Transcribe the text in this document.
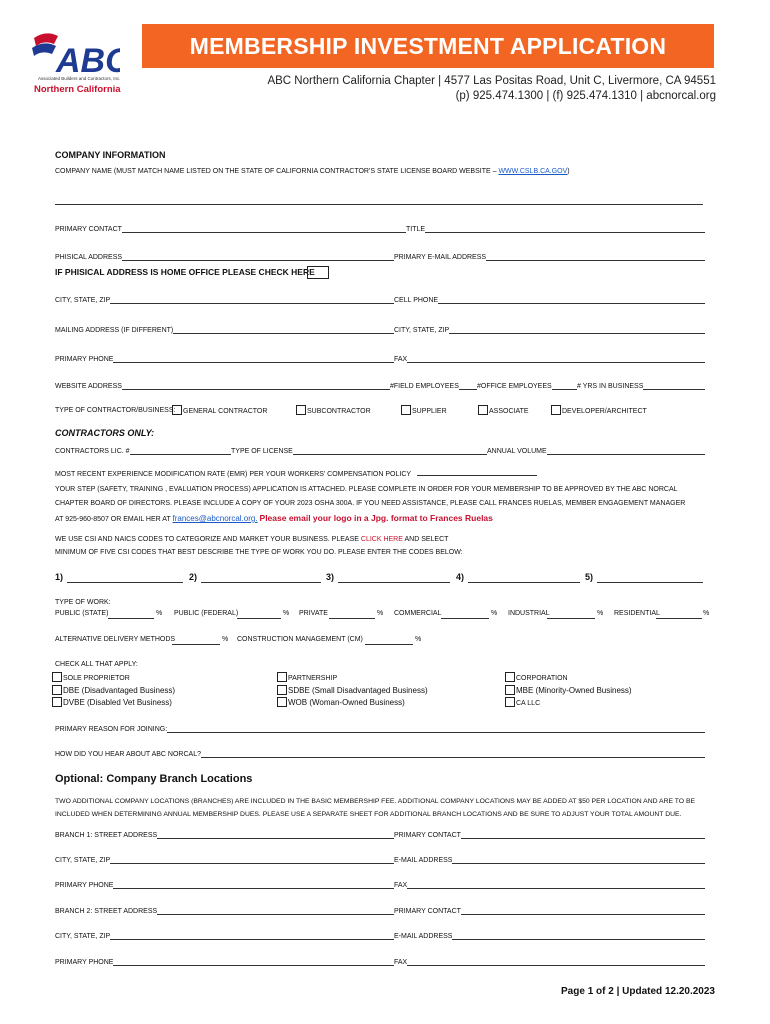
AB
Associated Builders and Contractors, Inc.
Northern California
MEMBERSHIP INVESTMENT APPLICATION
ABC Northern California Chapter | 4577 Las Positas Road, Unit C, Livermore, CA 94551
(p) 925.474.1300 | (f) 925.474.1310 | abcnorcal.org
COMPANY INFORMATION
COMPANY NAME (MUST MATCH NAME LISTED ON THE STATE OF CALIFORNIA CONTRACTOR'S STATE LICENSE BOARD WEBSITE – WWW.CSLB.CA.GOV)
PRIMARY CONTACT	TITLE
PHISICAL ADDRESS	PRIMARY E-MAIL ADDRESS
IF PHISICAL ADDRESS IS HOME OFFICE PLEASE CHECK HERE
CITY, STATE, ZIP	CELL PHONE
MAILING ADDRESS (IF DIFFERENT)	CITY, STATE, ZIP
PRIMARY PHONE	FAX
WEBSITE ADDRESS	#FIELD EMPLOYEES	#OFFICE EMPLOYEES	# YRS IN BUSINESS
TYPE OF CONTRACTOR/BUSINESS:	GENERAL CONTRACTOR	SUBCONTRACTOR	SUPPLIER	ASSOCIATE	DEVELOPER/ARCHITECT
CONTRACTORS ONLY:
CONTRACTORS LIC. #	TYPE OF LICENSE	ANNUAL VOLUME
MOST RECENT EXPERIENCE MODIFICATION RATE (EMR) PER YOUR WORKERS' COMPENSATION POLICY
YOUR STEP (SAFETY, TRAINING , EVALUATION PROCESS) APPLICATION IS ATTACHED. PLEASE COMPLETE IN ORDER FOR YOUR MEMBERSHIP TO BE APPROVED BY THE ABC NORCAL
CHAPTER BOARD OF DIRECTORS. PLEASE INCLUDE A COPY OF YOUR 2023 OSHA 300A. IF YOU NEED ASSISTANCE, PLEASE CALL FRANCES RUELAS, MEMBER ENGAGEMENT MANAGER
AT 925-960-8507 OR EMAIL HER AT frances@abcnorcal.org. Please email your logo in a Jpg. format to Frances Ruelas
WE USE CSI AND NAICS CODES TO CATEGORIZE AND MARKET YOUR BUSINESS. PLEASE CLICK HERE AND SELECT
MINIMUM OF FIVE CSI CODES THAT BEST DESCRIBE THE TYPE OF WORK YOU DO. PLEASE ENTER THE CODES BELOW:
1)	2)	3)	4)	5)
TYPE OF WORK:
PUBLIC (STATE)	% PUBLIC (FEDERAL)	% PRIVATE	% COMMERCIAL	% INDUSTRIAL	% RESIDENTIAL	%
ALTERNATIVE DELIVERY METHODS	% CONSTRUCTION MANAGEMENT (CM)	%
CHECK ALL THAT APPLY:
SOLE PROPRIETOR
DBE (Disadvantaged Business)
DVBE (Disabled Vet Business)
PARTNERSHIP
SDBE (Small Disadvantaged Business)
WOB (Woman-Owned Business)
CORPORATION
MBE (Minority-Owned Business)
CA LLC
PRIMARY REASON FOR JOINING:
HOW DID YOU HEAR ABOUT ABC NORCAL?
Optional: Company Branch Locations
TWO ADDITIONAL COMPANY LOCATIONS (BRANCHES) ARE INCLUDED IN THE BASIC MEMBERSHIP FEE. ADDITIONAL COMPANY LOCATIONS MAY BE ADDED AT $50 PER LOCATION AND ARE TO BE
INCLUDED WHEN DETERMINING ANNUAL MEMBERSHIP DUES. PLEASE USE A SEPARATE SHEET FOR ADDITIONAL BRANCH LOCATIONS AND BE SURE TO ADJUST YOUR TOTAL AMOUNT DUE.
BRANCH 1: STREET ADDRESS	PRIMARY CONTACT
CITY, STATE, ZIP	E-MAIL ADDRESS
PRIMARY PHONE	FAX
BRANCH 2: STREET ADDRESS	PRIMARY CONTACT
CITY, STATE, ZIP	E-MAIL ADDRESS
PRIMARY PHONE	FAX
Page 1 of 2 | Updated 12.20.2023
